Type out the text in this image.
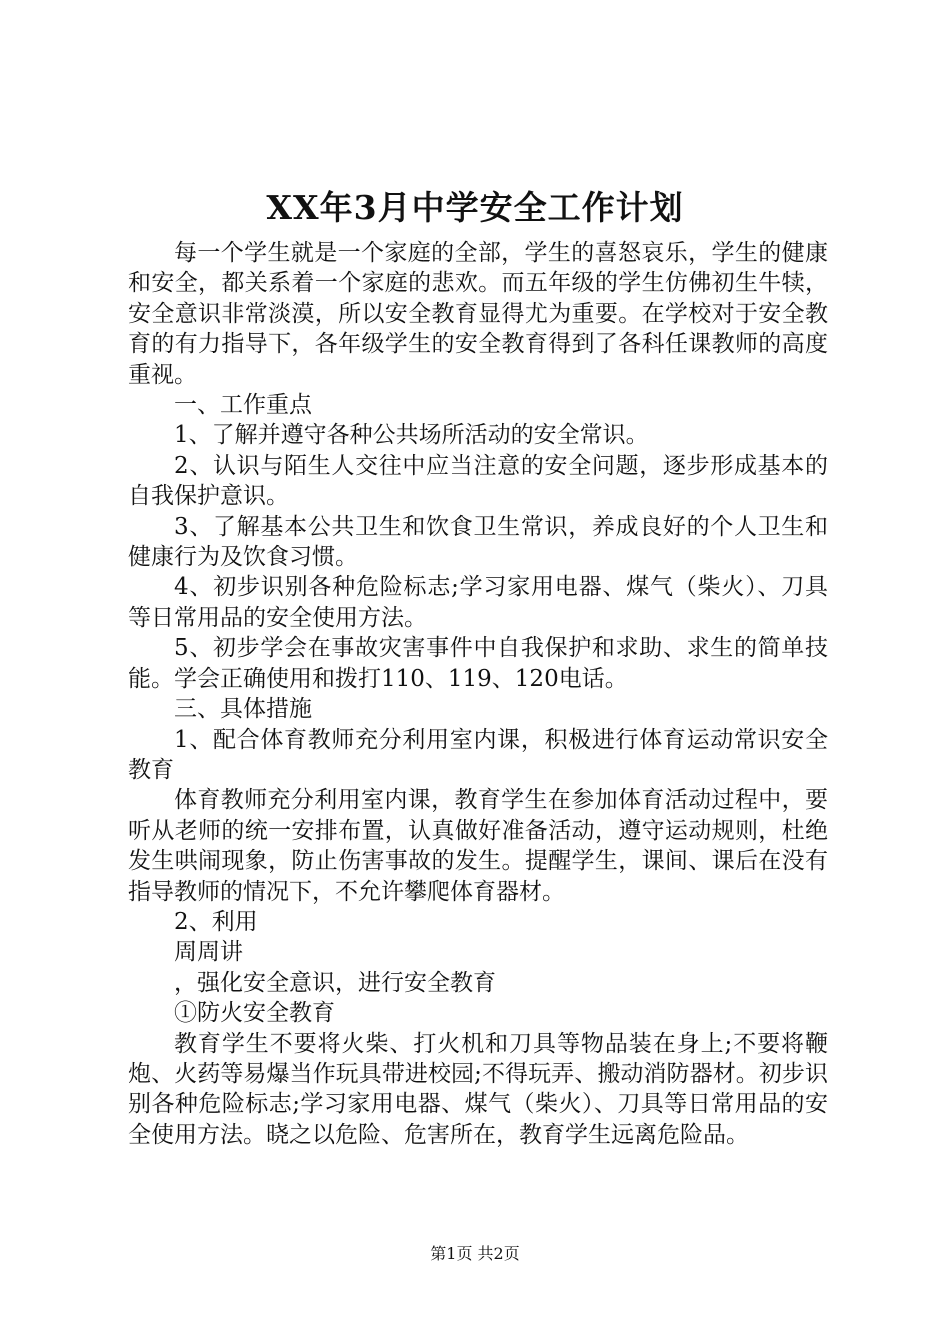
XX年3月中学安全工作计划

每一个学生就是一个家庭的全部，学生的喜怒哀乐，学生的健康和安全，都关系着一个家庭的悲欢。而五年级的学生仿佛初生牛犊，安全意识非常淡漠，所以安全教育显得尤为重要。在学校对于安全教育的有力指导下，各年级学生的安全教育得到了各科任课教师的高度重视。

一、工作重点

1、了解并遵守各种公共场所活动的安全常识。

2、认识与陌生人交往中应当注意的安全问题，逐步形成基本的自我保护意识。

3、了解基本公共卫生和饮食卫生常识，养成良好的个人卫生和健康行为及饮食习惯。

4、初步识别各种危险标志;学习家用电器、煤气（柴火）、刀具等日常用品的安全使用方法。

5、初步学会在事故灾害事件中自我保护和求助、求生的简单技能。学会正确使用和拨打110、119、120电话。

三、具体措施

1、配合体育教师充分利用室内课，积极进行体育运动常识安全教育

体育教师充分利用室内课，教育学生在参加体育活动过程中，要听从老师的统一安排布置，认真做好准备活动，遵守运动规则，杜绝发生哄闹现象，防止伤害事故的发生。提醒学生，课间、课后在没有指导教师的情况下，不允许攀爬体育器材。

2、利用

周周讲

，强化安全意识，进行安全教育

①防火安全教育

教育学生不要将火柴、打火机和刀具等物品装在身上;不要将鞭炮、火药等易爆当作玩具带进校园;不得玩弄、搬动消防器材。初步识别各种危险标志;学习家用电器、煤气（柴火）、刀具等日常用品的安全使用方法。晓之以危险、危害所在，教育学生远离危险品。

第1页 共2页
